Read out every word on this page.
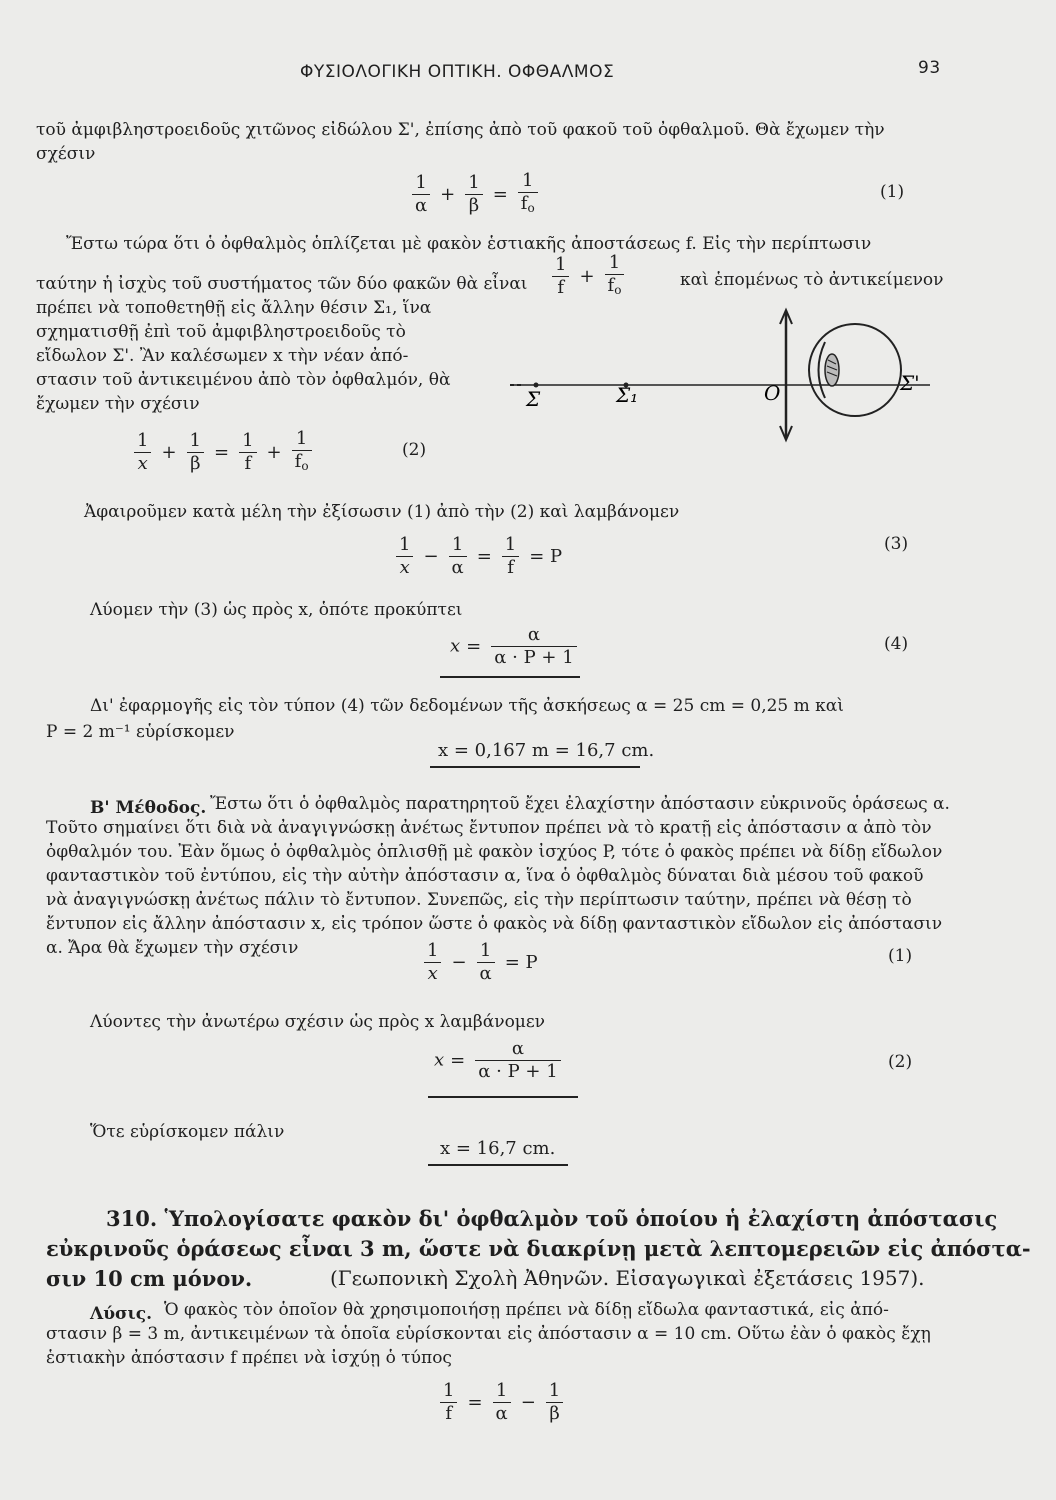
ΦΥΣΙΟΛΟΓΙΚΗ ΟΠΤΙΚΗ. ΟΦΘΑΛΜΟΣ	93
τοῦ ἀμφιβληστροειδοῦς χιτῶνος εἰδώλου Σ', ἐπίσης ἀπὸ τοῦ φακοῦ τοῦ ὀφθαλμοῦ. Θὰ ἔχωμεν τὴν
σχέσιν
$\frac{1}{\alpha} + \frac{1}{\beta} = \frac{1}{f_o}$	(1)
Ἔστω τώρα ὅτι ὁ ὀφθαλμὸς ὁπλίζεται μὲ φακὸν ἑστιακῆς ἀποστάσεως f. Εἰς τὴν περίπτωσιν
ταύτην ἡ ἰσχὺς τοῦ συστήματος τῶν δύο φακῶν θὰ εἶναι $\frac{1}{f} + \frac{1}{f_o}$	καὶ ἑπομένως τὸ ἀντικείμενον
πρέπει νὰ τοποθετηθῇ εἰς ἄλλην θέσιν Σ₁, ἵνα
σχηματισθῇ ἐπὶ τοῦ ἀμφιβληστροειδοῦς τὸ
εἴδωλον Σ'. Ἂν καλέσωμεν x τὴν νέαν ἀπό-
στασιν τοῦ ἀντικειμένου ἀπὸ τὸν ὀφθαλμόν, θὰ
ἔχωμεν τὴν σχέσιν	Σ	Σ₁	O	Σ'
$\frac{1}{x} + \frac{1}{\beta} = \frac{1}{f} + \frac{1}{f_o}$	(2)
Ἀφαιροῦμεν κατὰ μέλη τὴν ἐξίσωσιν (1) ἀπὸ τὴν (2) καὶ λαμβάνομεν
$\frac{1}{x} - \frac{1}{\alpha} = \frac{1}{f} = P$
(3)
Λύομεν τὴν (3) ὡς πρὸς x, ὁπότε προκύπτει
$x = \frac{\alpha}{\alpha \cdot P + 1}$	(4)
Δι' ἐφαρμογῆς εἰς τὸν τύπον (4) τῶν δεδομένων τῆς ἀσκήσεως α = 25 cm = 0,25 m καὶ
P = 2 m⁻¹ εὑρίσκομεν
x = 0,167 m = 16,7 cm.
Β' Μέθοδος. Ἔστω ὅτι ὁ ὀφθαλμὸς παρατηρητοῦ ἔχει ἐλαχίστην ἀπόστασιν εὐκρινοῦς ὁράσεως α.
Τοῦτο σημαίνει ὅτι διὰ νὰ ἀναγιγνώσκῃ ἀνέτως ἔντυπον πρέπει νὰ τὸ κρατῇ εἰς ἀπόστασιν α ἀπὸ τὸν
ὀφθαλμόν του. Ἐὰν ὅμως ὁ ὀφθαλμὸς ὁπλισθῇ μὲ φακὸν ἰσχύος P, τότε ὁ φακὸς πρέπει νὰ δίδῃ εἴδωλον
φανταστικὸν τοῦ ἐντύπου, εἰς τὴν αὐτὴν ἀπόστασιν α, ἵνα ὁ ὀφθαλμὸς δύναται διὰ μέσου τοῦ φακοῦ
νὰ ἀναγιγνώσκῃ ἀνέτως πάλιν τὸ ἔντυπον. Συνεπῶς, εἰς τὴν περίπτωσιν ταύτην, πρέπει νὰ θέσῃ τὸ
ἔντυπον εἰς ἄλλην ἀπόστασιν x, εἰς τρόπον ὥστε ὁ φακὸς νὰ δίδῃ φανταστικὸν εἴδωλον εἰς ἀπόστασιν
α. Ἄρα θὰ ἔχωμεν τὴν σχέσιν	$\frac{1}{x} - \frac{1}{\alpha} = P$	(1)
Λύοντες τὴν ἀνωτέρω σχέσιν ὡς πρὸς x λαμβάνομεν
$x = \frac{\alpha}{\alpha \cdot P + 1}$	(2)
Ὅτε εὑρίσκομεν πάλιν
x = 16,7 cm.
310. Ὑπολογίσατε φακὸν δι' ὀφθαλμὸν τοῦ ὁποίου ἡ ἐλαχίστη ἀπόστασις
εὐκρινοῦς ὁράσεως εἶναι 3 m, ὥστε νὰ διακρίνῃ μετὰ λεπτομερειῶν εἰς ἀπόστα-
σιν 10 cm μόνον.	(Γεωπονικὴ Σχολὴ Ἀθηνῶν. Εἰσαγωγικαὶ ἐξετάσεις 1957).
Λύσις. Ὁ φακὸς τὸν ὁποῖον θὰ χρησιμοποιήσῃ πρέπει νὰ δίδῃ εἴδωλα φανταστικά, εἰς ἀπό-
στασιν β = 3 m, ἀντικειμένων τὰ ὁποῖα εὑρίσκονται εἰς ἀπόστασιν α = 10 cm. Οὕτω ἐὰν ὁ φακὸς ἔχῃ
ἑστιακὴν ἀπόστασιν f πρέπει νὰ ἰσχύῃ ὁ τύπος
$\frac{1}{f} = \frac{1}{\alpha} - \frac{1}{\beta}$
